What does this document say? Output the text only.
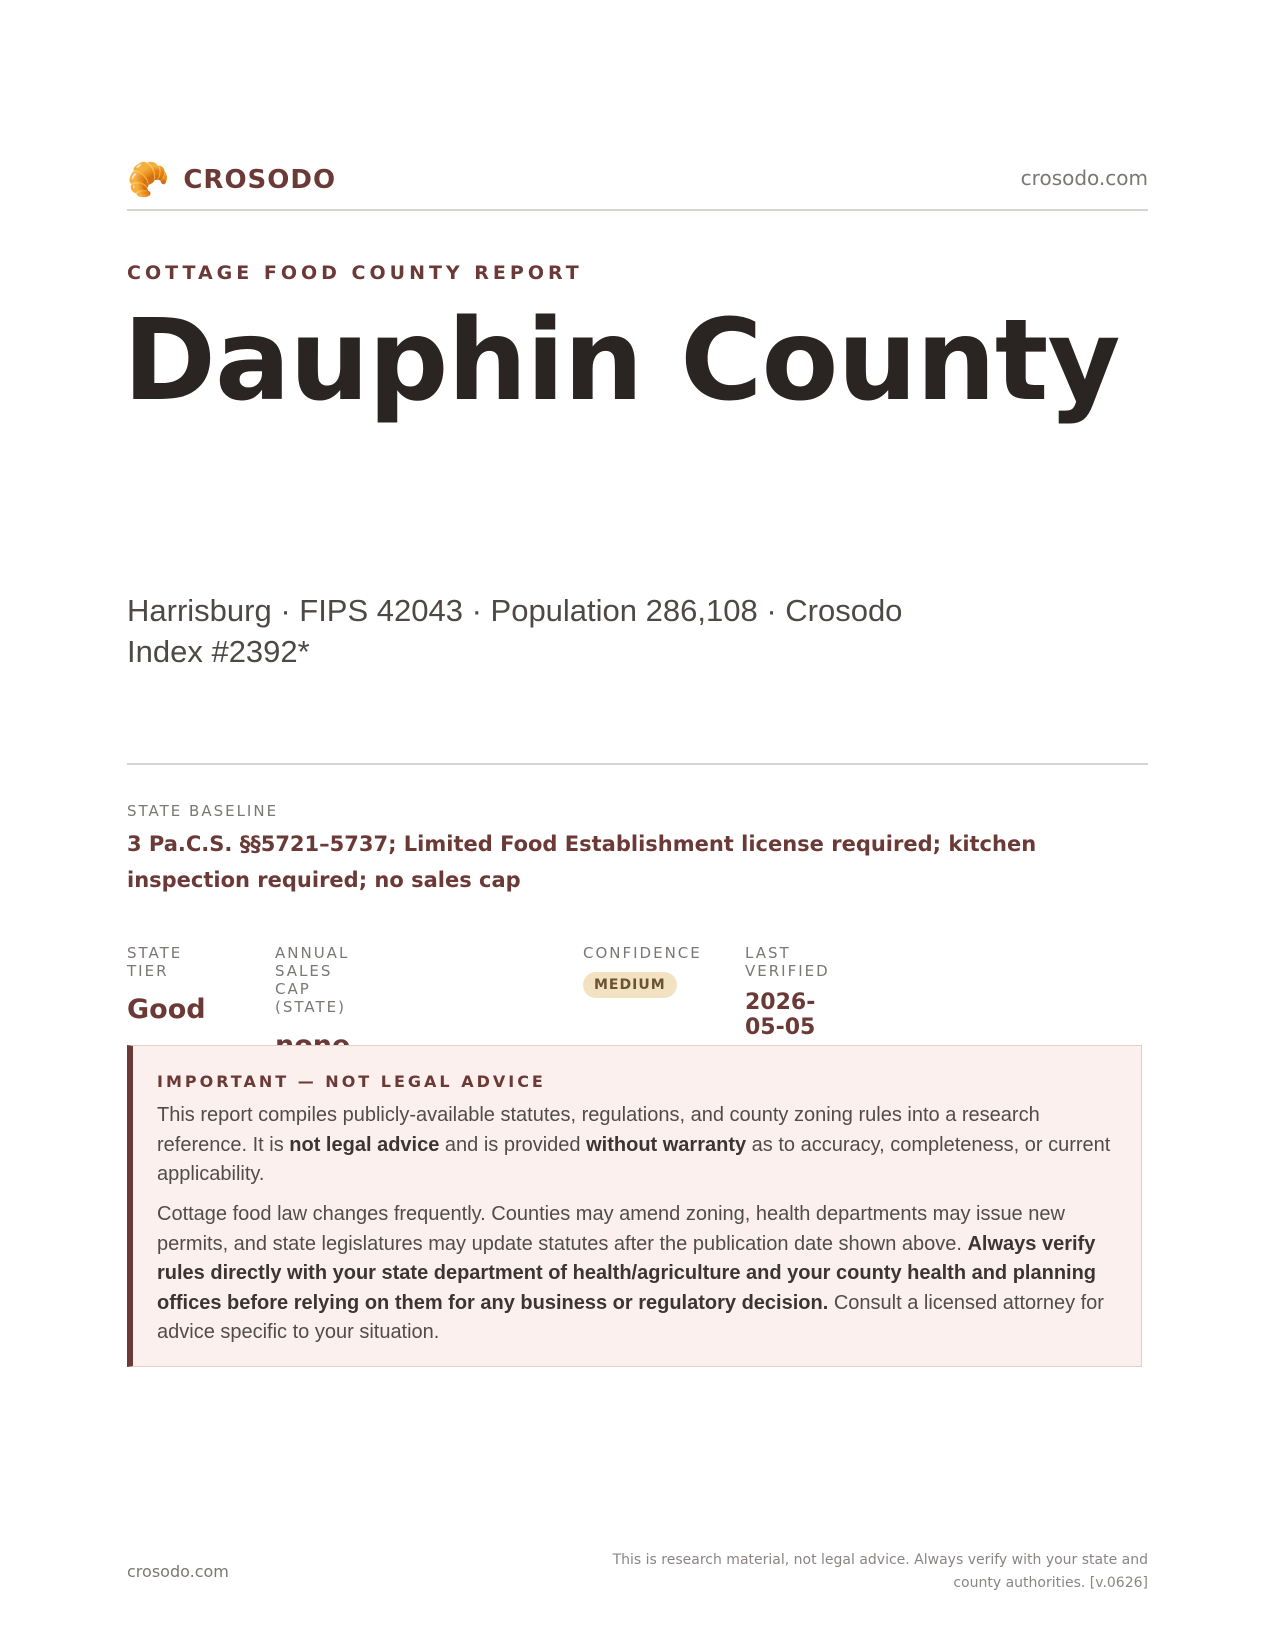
🥐 CROSODO	crosodo.com
COTTAGE FOOD COUNTY REPORT
Dauphin County
Harrisburg · FIPS 42043 · Population 286,108 · Crosodo Index #2392*
STATE BASELINE
3 Pa.C.S. §§5721–5737; Limited Food Establishment license required; kitchen inspection required; no sales cap
STATE TIER
Good
ANNUAL SALES CAP (STATE)
CONFIDENCE
MEDIUM
LAST VERIFIED
2026-05-05
IMPORTANT — NOT LEGAL ADVICE

This report compiles publicly-available statutes, regulations, and county zoning rules into a research reference. It is not legal advice and is provided without warranty as to accuracy, completeness, or current applicability.

Cottage food law changes frequently. Counties may amend zoning, health departments may issue new permits, and state legislatures may update statutes after the publication date shown above. Always verify rules directly with your state department of health/agriculture and your county health and planning offices before relying on them for any business or regulatory decision. Consult a licensed attorney for advice specific to your situation.

crosodo.com
This is research material, not legal advice. Always verify with your state and county authorities. [v.0626]
